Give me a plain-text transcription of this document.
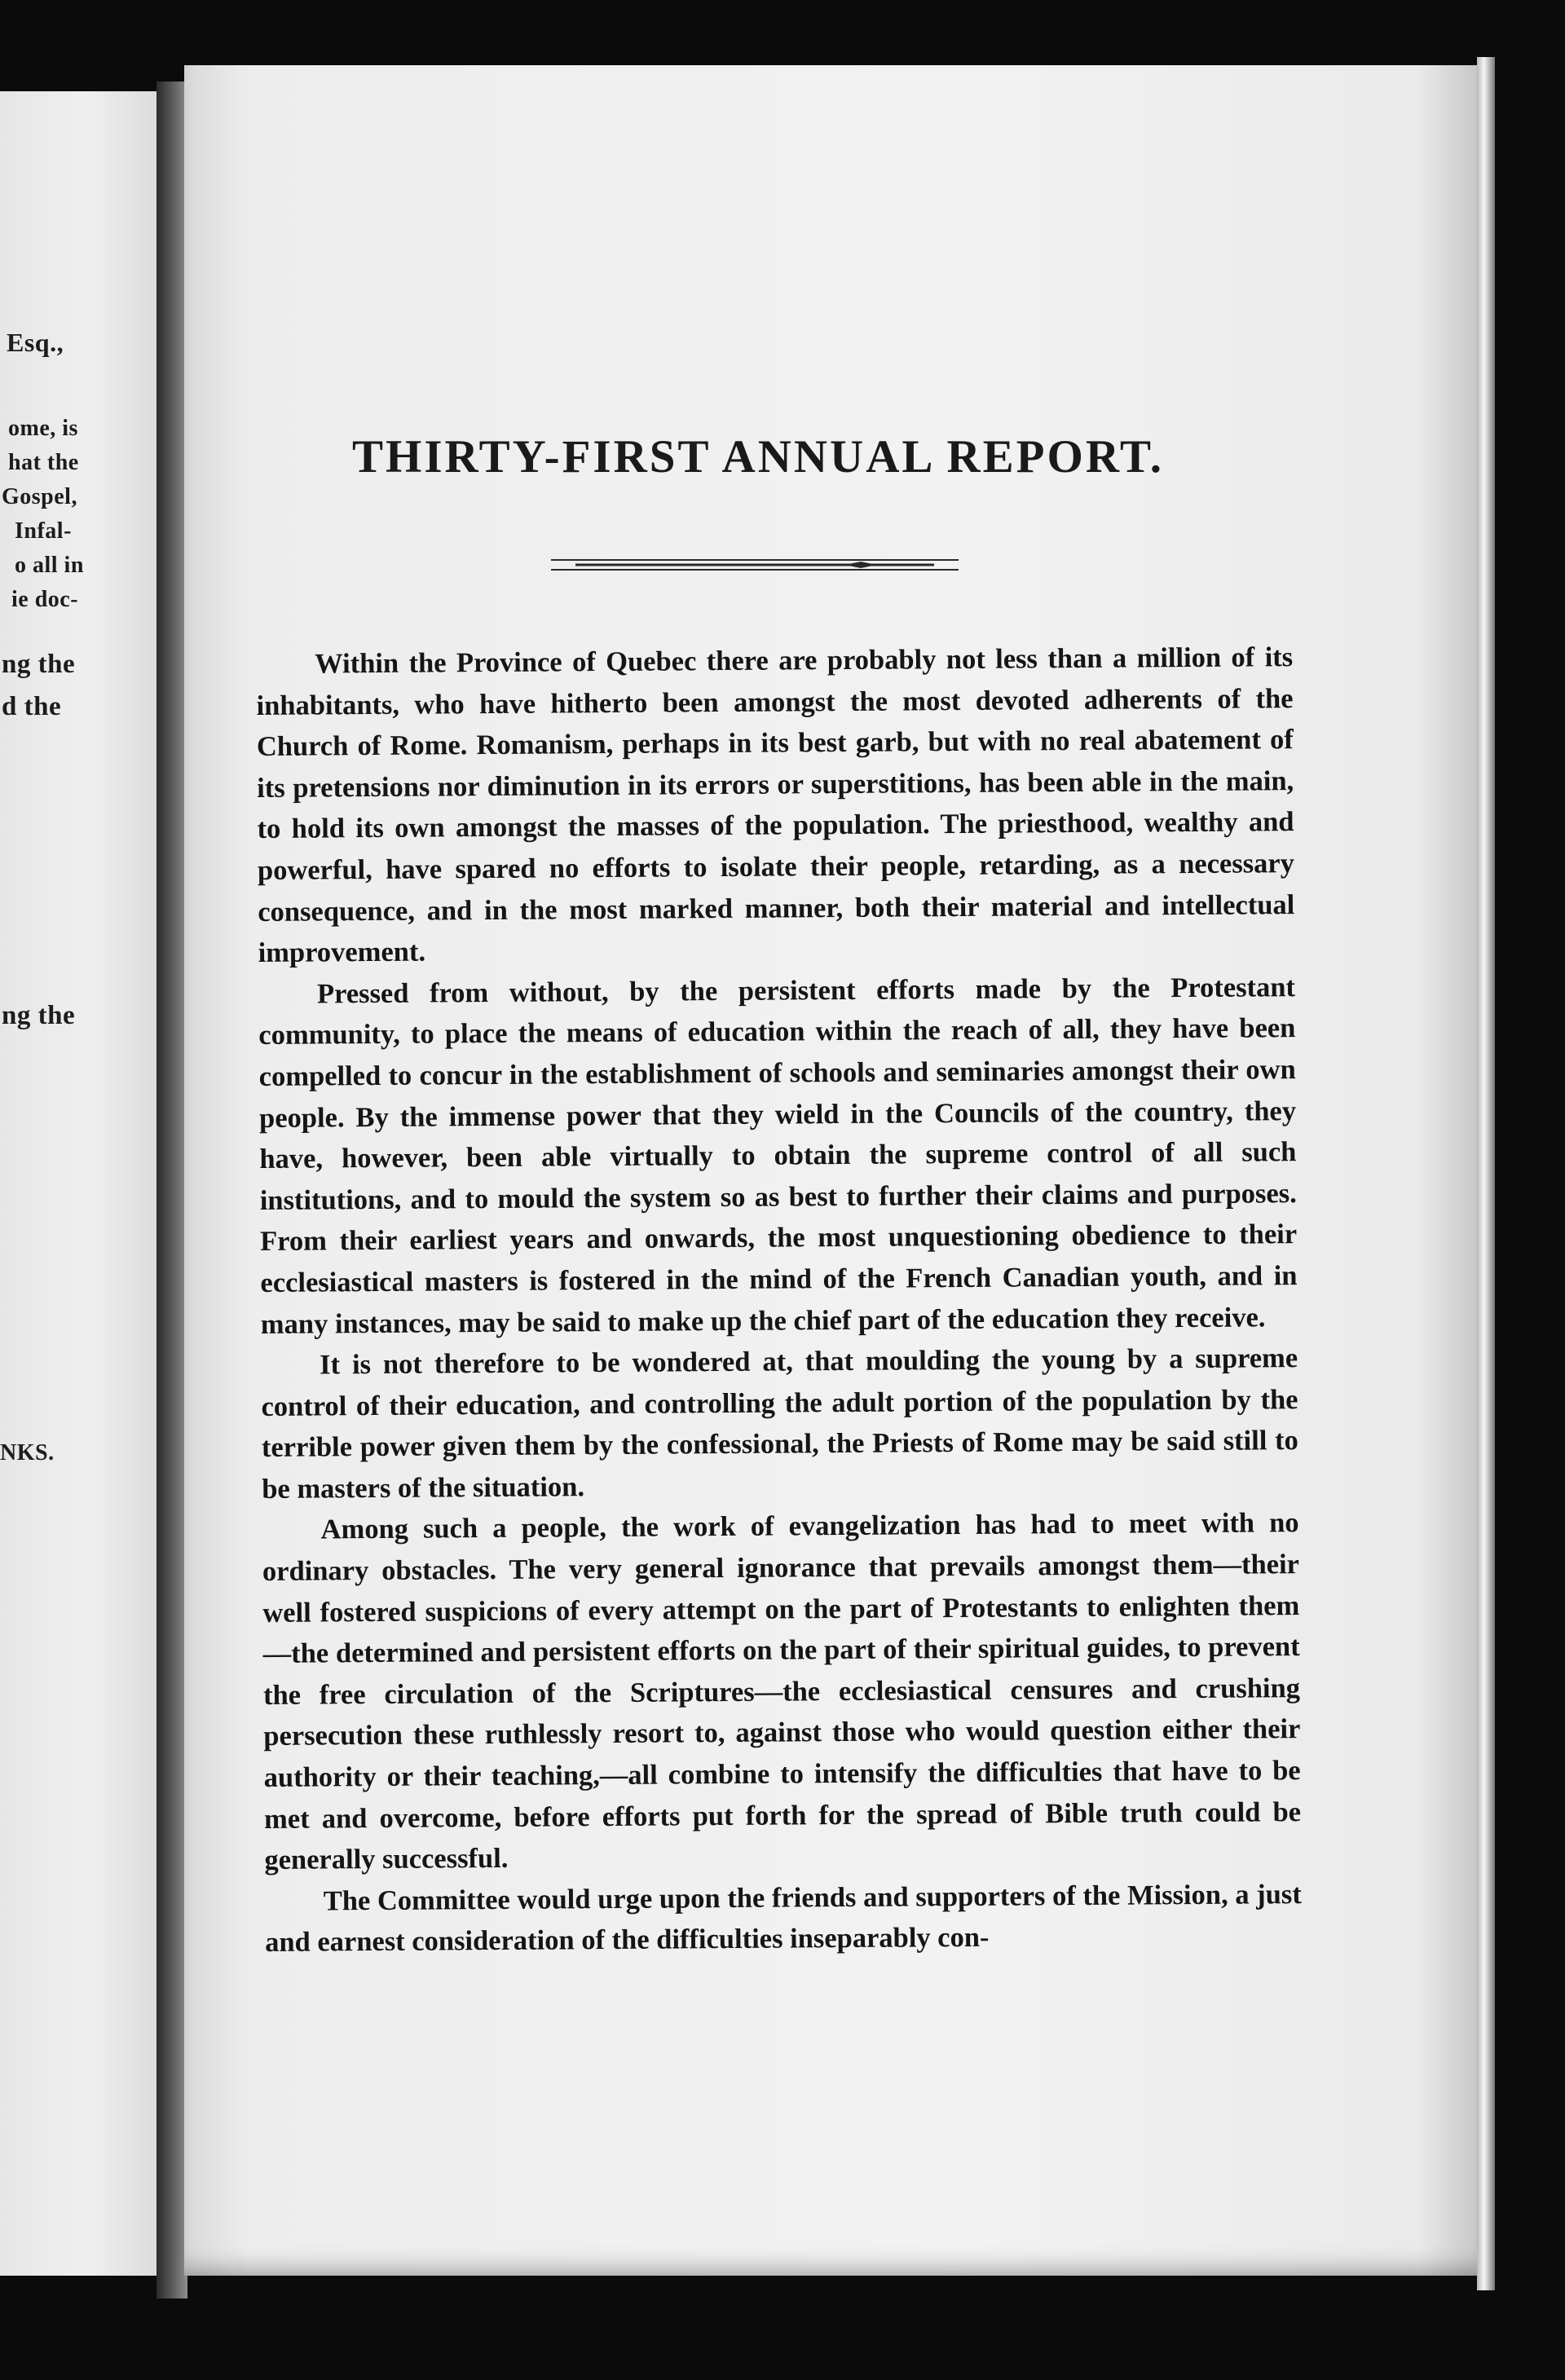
Esq.,
ome, is
hat the
Gospel,
Infal-
o all in
ie doc-
ng the
d the
ng the
NKS.
THIRTY-FIRST ANNUAL REPORT.

Within the Province of Quebec there are probably not less than a million of its inhabitants, who have hitherto been amongst the most devoted adherents of the Church of Rome. Romanism, perhaps in its best garb, but with no real abatement of its pretensions nor diminution in its errors or superstitions, has been able in the main, to hold its own amongst the masses of the population. The priesthood, wealthy and powerful, have spared no efforts to isolate their people, retarding, as a necessary consequence, and in the most marked manner, both their material and intellectual improvement.

Pressed from without, by the persistent efforts made by the Protestant community, to place the means of education within the reach of all, they have been compelled to concur in the establishment of schools and seminaries amongst their own people. By the immense power that they wield in the Councils of the country, they have, however, been able virtually to obtain the supreme control of all such institutions, and to mould the system so as best to further their claims and purposes. From their earliest years and onwards, the most unquestioning obedience to their ecclesiastical masters is fostered in the mind of the French Canadian youth, and in many instances, may be said to make up the chief part of the education they receive.

It is not therefore to be wondered at, that moulding the young by a supreme control of their education, and controlling the adult portion of the population by the terrible power given them by the confessional, the Priests of Rome may be said still to be masters of the situation.

Among such a people, the work of evangelization has had to meet with no ordinary obstacles. The very general ignorance that prevails amongst them—their well fostered suspicions of every attempt on the part of Protestants to enlighten them—the determined and persistent efforts on the part of their spiritual guides, to prevent the free circulation of the Scriptures—the ecclesiastical censures and crushing persecution these ruthlessly resort to, against those who would question either their authority or their teaching,—all combine to intensify the difficulties that have to be met and overcome, before efforts put forth for the spread of Bible truth could be generally successful.

The Committee would urge upon the friends and supporters of the Mission, a just and earnest consideration of the difficulties inseparably con-
